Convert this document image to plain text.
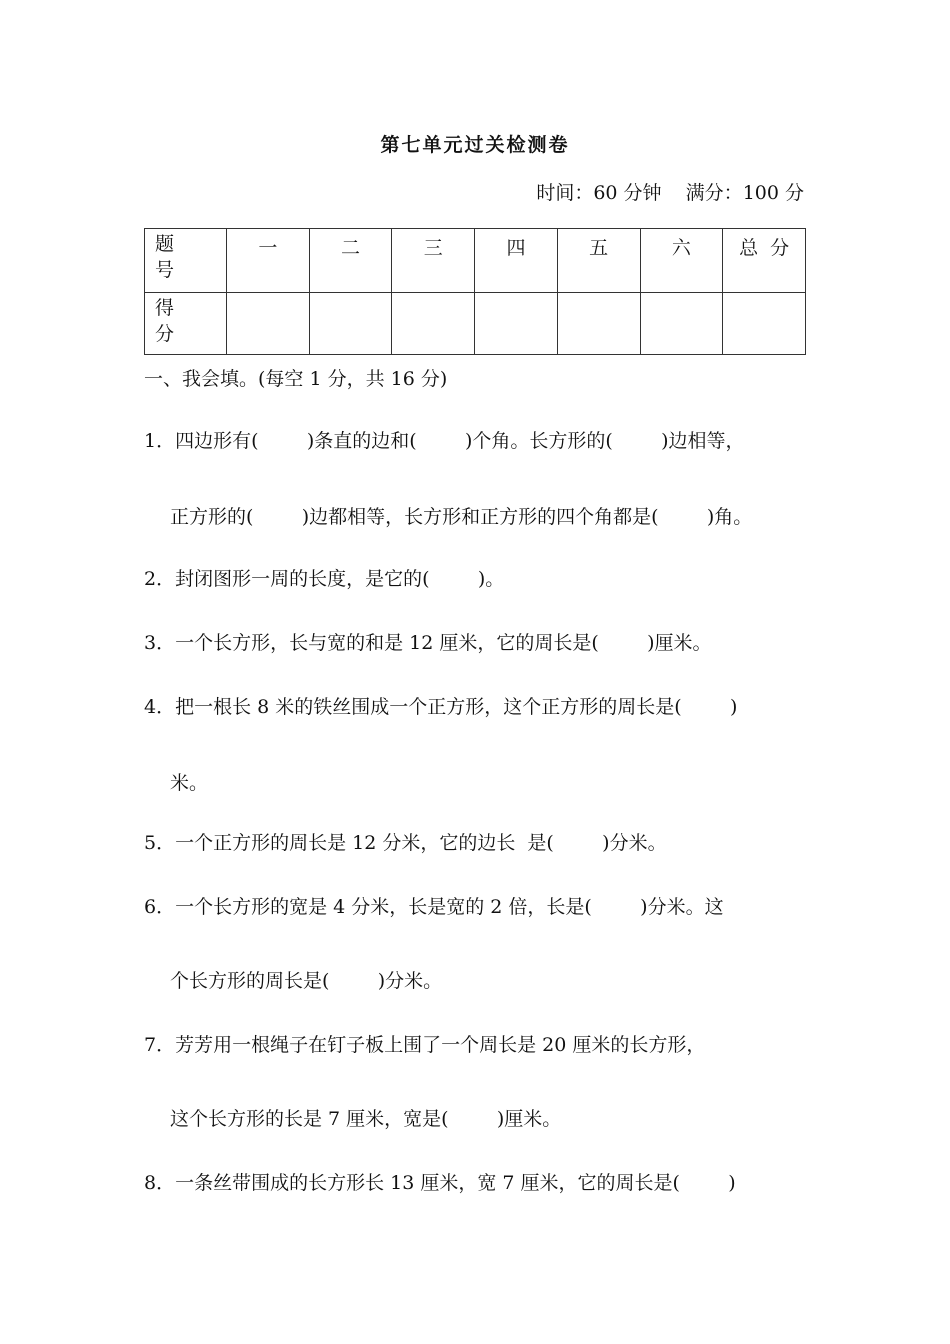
第七单元过关检测卷
时间：60 分钟    满分：100 分
题
号	一	二	三	四	五	六	总  分
得
分							
一、我会填。(每空 1 分，共 16 分)
1．四边形有(        )条直的边和(        )个角。长方形的(        )边相等，
正方形的(        )边都相等，长方形和正方形的四个角都是(        )角。
2．封闭图形一周的长度，是它的(        )。
3．一个长方形，长与宽的和是 12 厘米，它的周长是(        )厘米。
4．把一根长 8 米的铁丝围成一个正方形，这个正方形的周长是(        )
米。
5．一个正方形的周长是 12 分米，它的边长  是(        )分米。
6．一个长方形的宽是 4 分米，长是宽的 2 倍，长是(        )分米。这
个长方形的周长是(        )分米。
7．芳芳用一根绳子在钉子板上围了一个周长是 20 厘米的长方形，
这个长方形的长是 7 厘米，宽是(        )厘米。
8．一条丝带围成的长方形长 13 厘米，宽 7 厘米，它的周长是(        )
